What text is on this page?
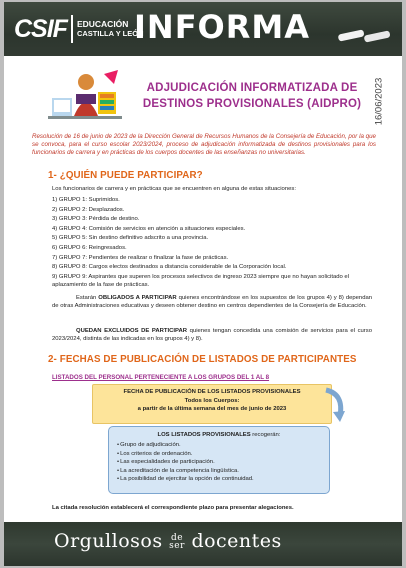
CSIF EDUCACIÓN
CASTILLA Y LEÓN
INFORMA
ADJUDICACIÓN INFORMATIZADA DE
DESTINOS PROVISIONALES (AIDPRO)	16/06/2023

Resolución de 16 de junio de 2023 de la Dirección General de Recursos Humanos de la Consejería de Educación, por la que se convoca, para el curso escolar 2023/2024, proceso de adjudicación informatizada de destinos provisionales para los funcionarios de carrera y en prácticas de los cuerpos docentes de las enseñanzas no universitarias.

1- ¿QUIÉN PUEDE PARTICIPAR?

Los funcionarios de carrera y en prácticas que se encuentren en alguna de estas situaciones:

1) GRUPO 1: Suprimidos.
2) GRUPO 2: Desplazados.
3) GRUPO 3: Pérdida de destino.
4) GRUPO 4: Comisión de servicios en atención a situaciones especiales.
5) GRUPO 5: Sin destino definitivo adscrito a una provincia.
6) GRUPO 6: Reingresados.
7) GRUPO 7: Pendientes de realizar o finalizar la fase de prácticas.
8) GRUPO 8: Cargos electos destinados a distancia considerable de la Corporación local.
9) GRUPO 9: Aspirantes que superen los procesos selectivos de ingreso 2023 siempre que no hayan solicitado el aplazamiento de la fase de prácticas.

Estarán OBLIGADOS A PARTICIPAR quienes encontrándose en los supuestos de los grupos 4) y 8) dependan de otras Administraciones educativas y deseen obtener destino en centros dependientes de la Consejería de Educación.

QUEDAN EXCLUIDOS DE PARTICIPAR quienes tengan concedida una comisión de servicios para el curso 2023/2024, distinta de las indicadas en los grupos 4) y 8).

2- FECHAS DE PUBLICACIÓN DE LISTADOS DE PARTICIPANTES
LISTADOS DEL PERSONAL PERTENECIENTE A LOS GRUPOS DEL 1 AL 8
FECHA DE PUBLICACIÓN DE LOS LISTADOS PROVISIONALES
Todos los Cuerpos:
a partir de la última semana del mes de junio de 2023
LOS LISTADOS PROVISIONALES recogerán:
• Grupo de adjudicación.
• Los criterios de ordenación.
• Las especialidades de participación.
• La acreditación de la competencia lingüística.
• La posibilidad de ejercitar la opción de continuidad.

La citada resolución establecerá el correspondiente plazo para presentar alegaciones.

Orgullosos de
ser docentes
